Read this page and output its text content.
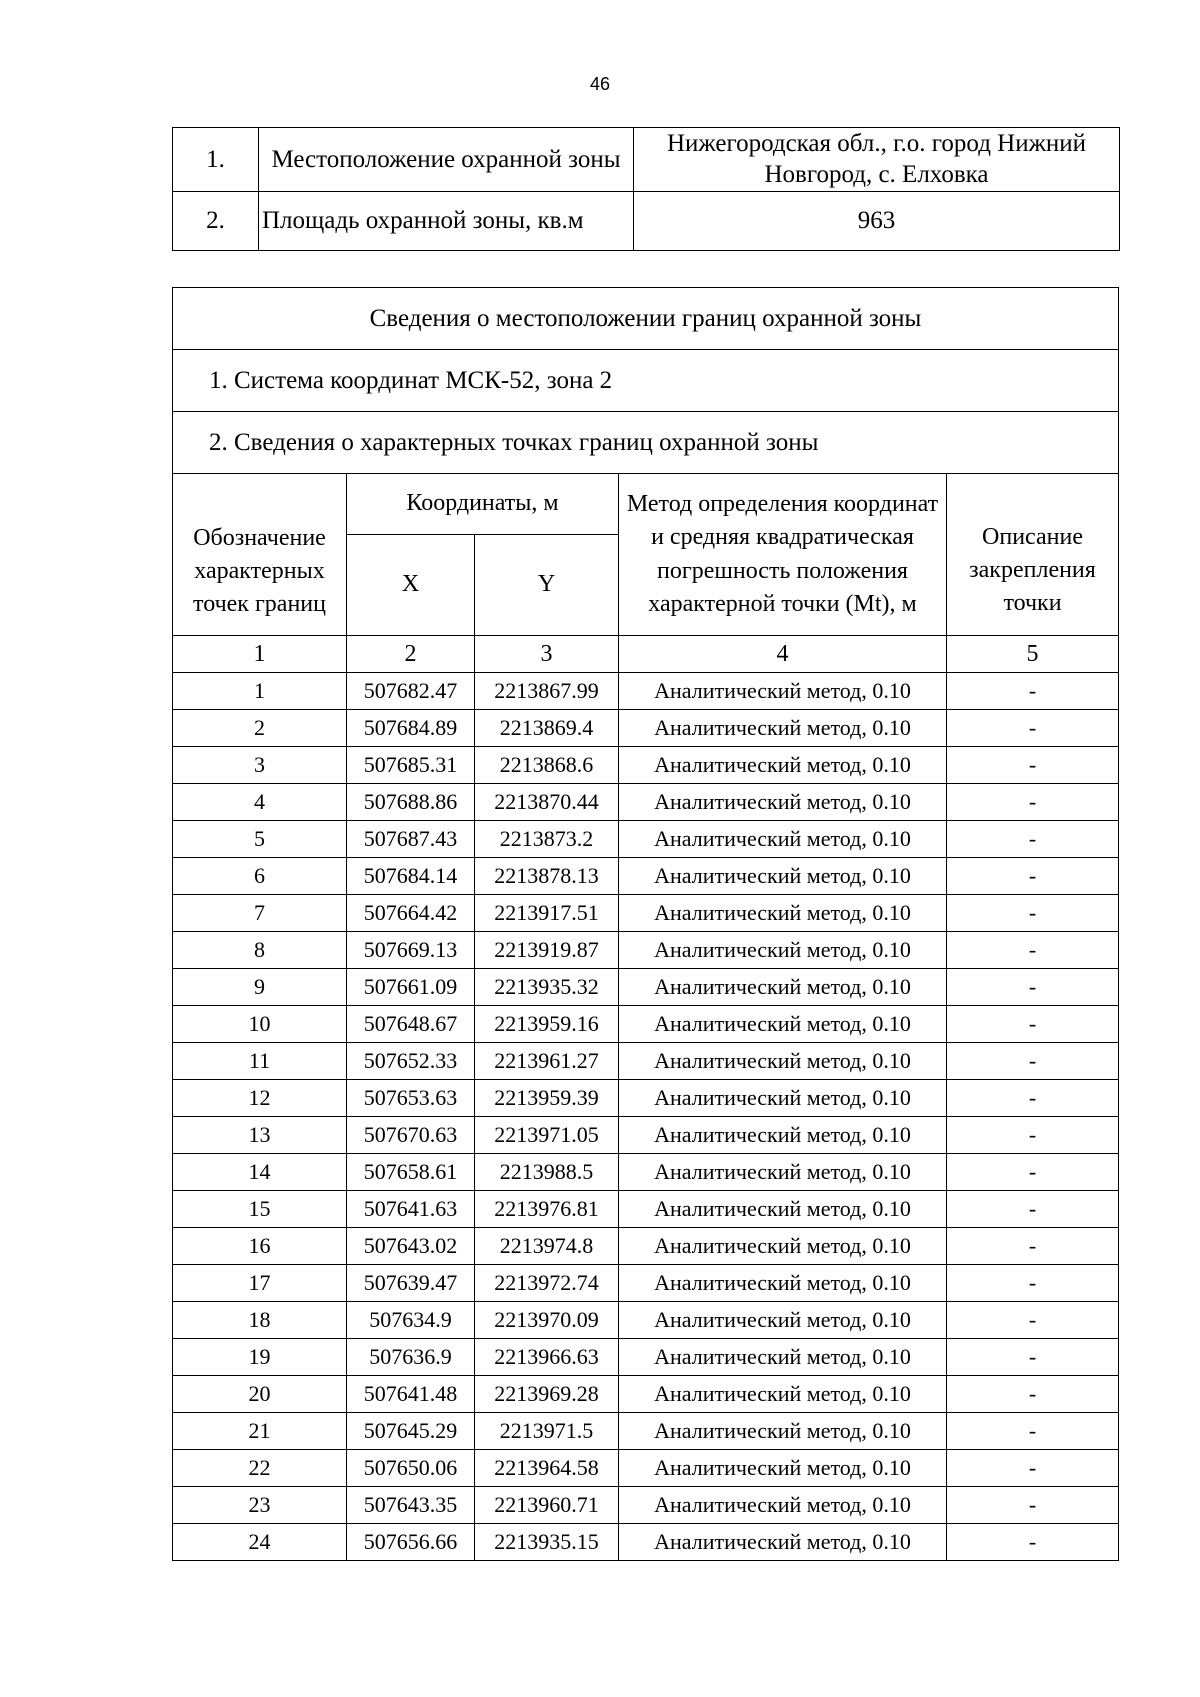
46
1.	Местоположение охранной зоны	Нижегородская обл., г.о. город Нижний Новгород, с. Елховка
2.	Площадь охранной зоны, кв.м	963
Сведения о местоположении границ охранной зоны				
1. Система координат МСК-52, зона 2				
2. Сведения о характерных точках границ охранной зоны				
Обозначение характерных точек границ	Координаты, м		Метод определения координат и средняя квадратическая погрешность положения характерной точки (Mt), м	Описание закрепления точки
	X	Y		
1	2	3	4	5
1	507682.47	2213867.99	Аналитический метод, 0.10	-
2	507684.89	2213869.4	Аналитический метод, 0.10	-
3	507685.31	2213868.6	Аналитический метод, 0.10	-
4	507688.86	2213870.44	Аналитический метод, 0.10	-
5	507687.43	2213873.2	Аналитический метод, 0.10	-
6	507684.14	2213878.13	Аналитический метод, 0.10	-
7	507664.42	2213917.51	Аналитический метод, 0.10	-
8	507669.13	2213919.87	Аналитический метод, 0.10	-
9	507661.09	2213935.32	Аналитический метод, 0.10	-
10	507648.67	2213959.16	Аналитический метод, 0.10	-
11	507652.33	2213961.27	Аналитический метод, 0.10	-
12	507653.63	2213959.39	Аналитический метод, 0.10	-
13	507670.63	2213971.05	Аналитический метод, 0.10	-
14	507658.61	2213988.5	Аналитический метод, 0.10	-
15	507641.63	2213976.81	Аналитический метод, 0.10	-
16	507643.02	2213974.8	Аналитический метод, 0.10	-
17	507639.47	2213972.74	Аналитический метод, 0.10	-
18	507634.9	2213970.09	Аналитический метод, 0.10	-
19	507636.9	2213966.63	Аналитический метод, 0.10	-
20	507641.48	2213969.28	Аналитический метод, 0.10	-
21	507645.29	2213971.5	Аналитический метод, 0.10	-
22	507650.06	2213964.58	Аналитический метод, 0.10	-
23	507643.35	2213960.71	Аналитический метод, 0.10	-
24	507656.66	2213935.15	Аналитический метод, 0.10	-
